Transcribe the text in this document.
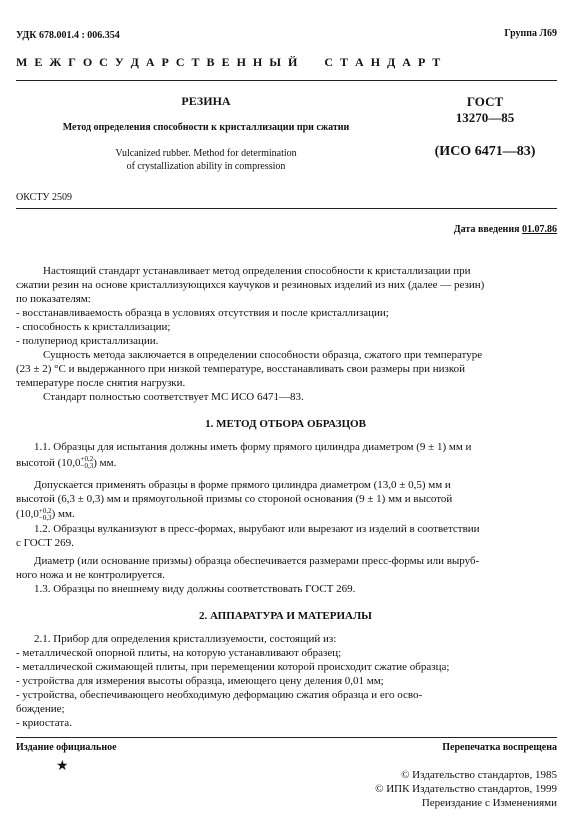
УДК 678.001.4 : 006.354	Группа Л69
М Е Ж Г О С У Д А Р С Т В Е Н Н Ы Й     С Т А Н Д А Р Т
РЕЗИНА
Метод определения способности к кристаллизации при сжатии
Vulcanized rubber. Method for determination
of crystallization ability in compression
ГОСТ
13270—85
(ИСО 6471—83)
ОКСТУ 2509
Дата введения 01.07.86
Настоящий стандарт устанавливает метод определения способности к кристаллизации при
сжатии резин на основе кристаллизующихся каучуков и резиновых изделий из них (далее — резин)
по показателям:
- восстанавливаемость образца в условиях отсутствия и после кристаллизации;
- способность к кристаллизации;
- полупериод кристаллизации.
Сущность метода заключается в определении способности образца, сжатого при температуре
(23 ± 2) °С и выдержанного при низкой температуре, восстанавливать свои размеры при низкой
температуре после снятия нагрузки.
Стандарт полностью соответствует МС ИСО 6471—83.
1. МЕТОД ОТБОРА ОБРАЗЦОВ
1.1. Образцы для испытания должны иметь форму прямого цилиндра диаметром (9 ± 1) мм и
высотой (10,0 +0,2
−0,3 ) мм.
Допускается применять образцы в форме прямого цилиндра диаметром (13,0 ± 0,5) мм и
высотой (6,3 ± 0,3) мм и прямоугольной призмы со стороной основания (9 ± 1) мм и высотой
(10,0 +0,2
−0,3 ) мм.
1.2. Образцы вулканизуют в пресс-формах, вырубают или вырезают из изделий в соответствии
с ГОСТ 269.
Диаметр (или основание призмы) образца обеспечивается размерами пресс-формы или выруб-
ного ножа и не контролируется.
1.3. Образцы по внешнему виду должны соответствовать ГОСТ 269.
2. АППАРАТУРА И МАТЕРИАЛЫ
2.1. Прибор для определения кристаллизуемости, состоящий из:
- металлической опорной плиты, на которую устанавливают образец;
- металлической сжимающей плиты, при перемещении которой происходит сжатие образца;
- устройства для измерения высоты образца, имеющего цену деления 0,01 мм;
- устройства, обеспечивающего необходимую деформацию сжатия образца и его осво-
бождение;
- криостата.
Издание официальное	Перепечатка воспрещена
★
© Издательство стандартов, 1985
© ИПК Издательство стандартов, 1999
Переиздание с Изменениями
